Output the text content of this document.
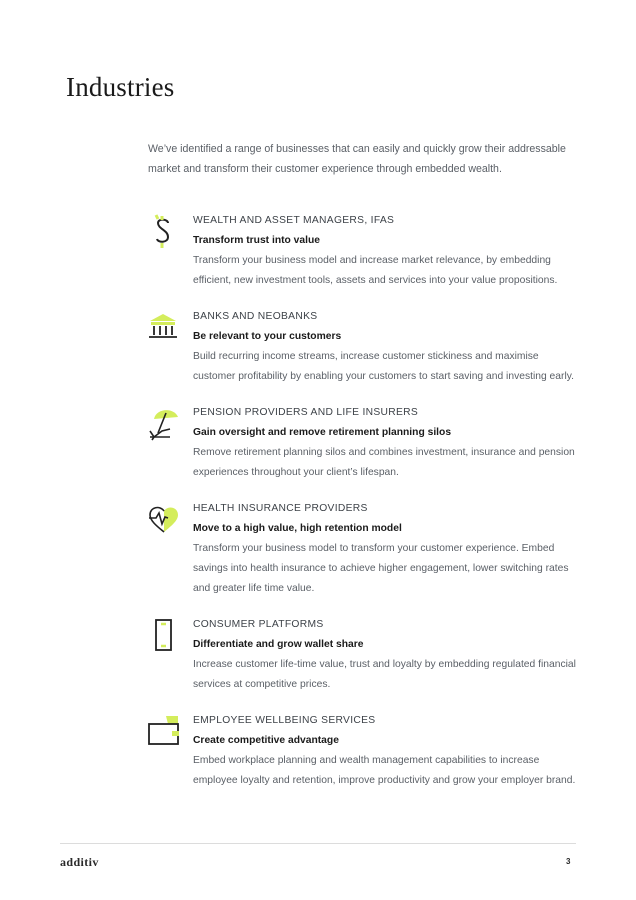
Industries

We’ve identified a range of businesses that can easily and quickly grow their addressable market and transform their customer experience through embedded wealth.

WEALTH AND ASSET MANAGERS, IFAS
Transform trust into value

Transform your business model and increase market relevance, by embedding efficient, new investment tools, assets and services into your value propositions.

BANKS AND NEOBANKS
Be relevant to your customers

Build recurring income streams, increase customer stickiness and maximise customer profitability by enabling your customers to start saving and investing early.

PENSION PROVIDERS AND LIFE INSURERS
Gain oversight and remove retirement planning silos

Remove retirement planning silos and combines investment, insurance and pension experiences throughout your client’s lifespan.

HEALTH INSURANCE PROVIDERS
Move to a high value, high retention model

Transform your business model to transform your customer experience. Embed savings into health insurance to achieve higher engagement, lower switching rates and greater life time value.

CONSUMER PLATFORMS
Differentiate and grow wallet share

Increase customer life-time value, trust and loyalty by embedding regulated financial services at competitive prices.

EMPLOYEE WELLBEING SERVICES
Create competitive advantage

Embed workplace planning and wealth management capabilities to increase employee loyalty and retention, improve productivity and grow your employer brand.

additiv	3
